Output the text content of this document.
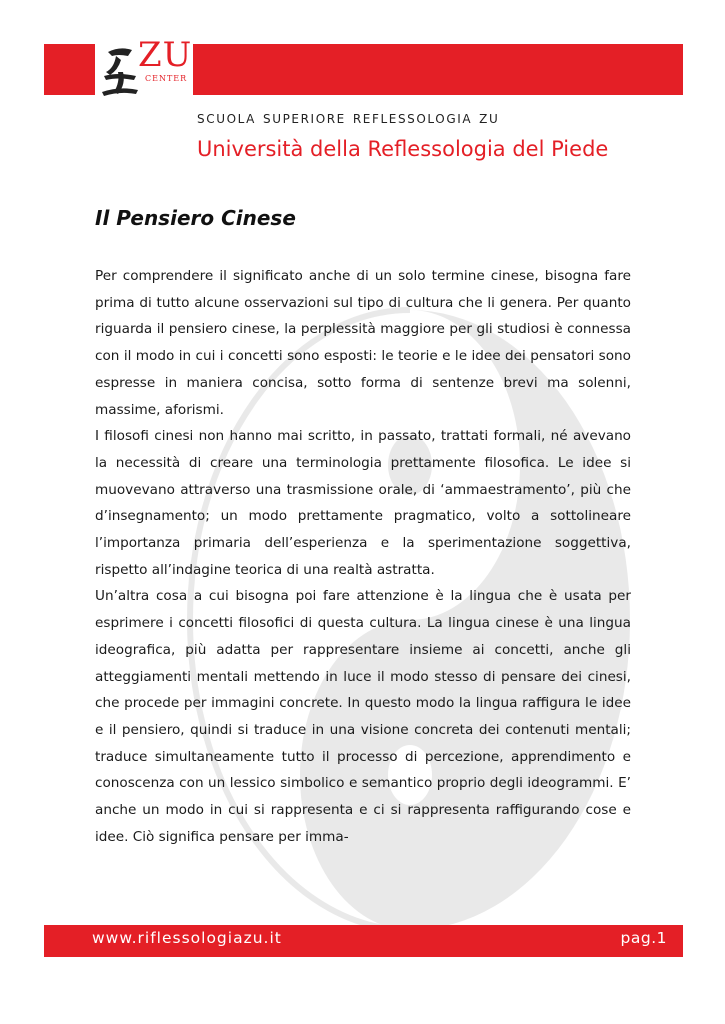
ZU
CENTER
scuola superiore reflessologia zu
Università della Reflessologia del Piede
Il Pensiero Cinese

Per comprendere il significato anche di un solo termine cinese, bisogna fare prima di tutto alcune osservazioni sul tipo di cultura che li genera. Per quanto riguarda il pensiero cinese, la perplessità maggiore per gli studiosi è connessa con il modo in cui i concetti sono esposti: le teorie e le idee dei pensatori sono espresse in maniera concisa, sotto forma di sentenze brevi ma solenni, massime, aforismi.

I filosofi cinesi non hanno mai scritto, in passato, trattati formali, né avevano la necessità di creare una terminologia prettamente filosofica. Le idee si muovevano attraverso una trasmissione orale, di ‘ammaestramento’, più che d’insegnamento; un modo prettamente pragmatico, volto a sottolineare l’importanza primaria dell’esperienza e la sperimentazione soggettiva, rispetto all’indagine teorica di una realtà astratta.

Un’altra cosa a cui bisogna poi fare attenzione è la lingua che è usata per esprimere i concetti filosofici di questa cultura. La lingua cinese è una lingua ideografica, più adatta per rappresentare insieme ai concetti, anche gli atteggiamenti mentali mettendo in luce il modo stesso di pensare dei cinesi, che procede per immagini concrete. In questo modo la lingua raffigura le idee e il pensiero, quindi si traduce in una visione concreta dei contenuti mentali; traduce simultaneamente tutto il processo di percezione, apprendimento e conoscenza con un lessico simbolico e semantico proprio degli ideogrammi. E’ anche un modo in cui si rappresenta e ci si rappresenta raffigurando cose e idee. Ciò significa pensare per imma-

www.riflessologiazu.it	pag.1
